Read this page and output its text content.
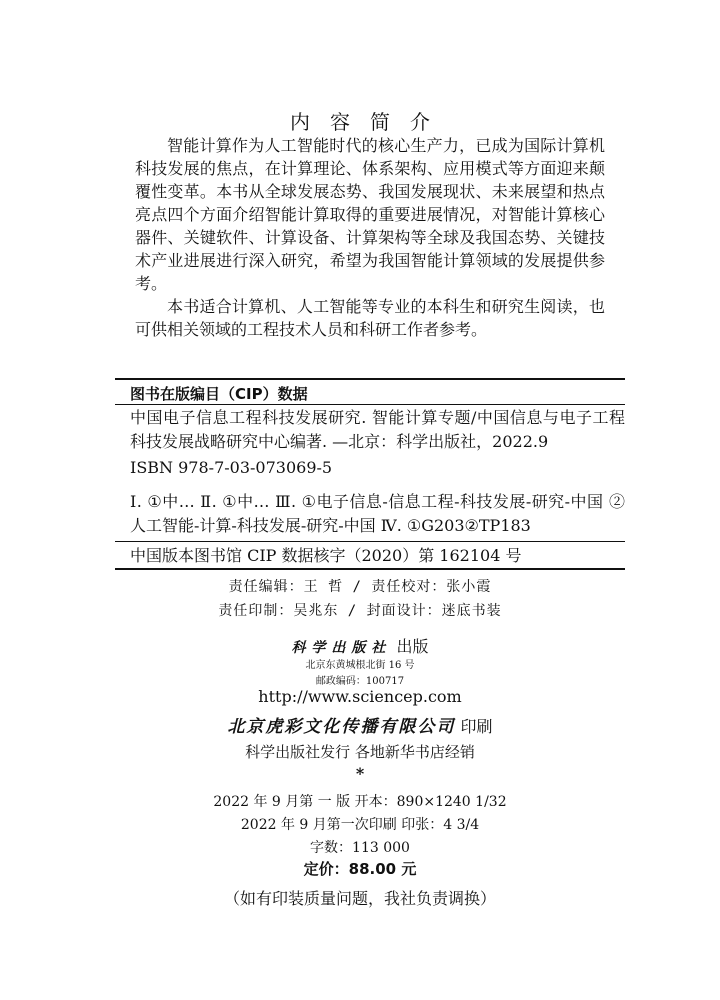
内容简介

智能计算作为人工智能时代的核心生产力，已成为国际计算机科技发展的焦点，在计算理论、体系架构、应用模式等方面迎来颠覆性变革。本书从全球发展态势、我国发展现状、未来展望和热点亮点四个方面介绍智能计算取得的重要进展情况，对智能计算核心器件、关键软件、计算设备、计算架构等全球及我国态势、关键技术产业进展进行深入研究，希望为我国智能计算领域的发展提供参考。

本书适合计算机、人工智能等专业的本科生和研究生阅读，也可供相关领域的工程技术人员和科研工作者参考。

图书在版编目（CIP）数据
中国电子信息工程科技发展研究. 智能计算专题/中国信息与电子工程科技发展战略研究中心编著. —北京：科学出版社，2022.9
ISBN 978-7-03-073069-5
Ⅰ. ①中… Ⅱ. ①中… Ⅲ. ①电子信息-信息工程-科技发展-研究-中国 ②人工智能-计算-科技发展-研究-中国 Ⅳ. ①G203②TP183
中国版本图书馆 CIP 数据核字（2020）第 162104 号
责任编辑：王 哲 / 责任校对：张小霞
责任印制：吴兆东 / 封面设计：迷底书装
科学出版社 出版
北京东黄城根北街 16 号
邮政编码：100717
http://www.sciencep.com
北京虎彩文化传播有限公司 印刷
科学出版社发行 各地新华书店经销
*
2022 年 9 月第 一 版 开本：890×1240 1/32
2022 年 9 月第一次印刷 印张：4 3/4
字数：113 000
定价：88.00 元
（如有印装质量问题，我社负责调换）
